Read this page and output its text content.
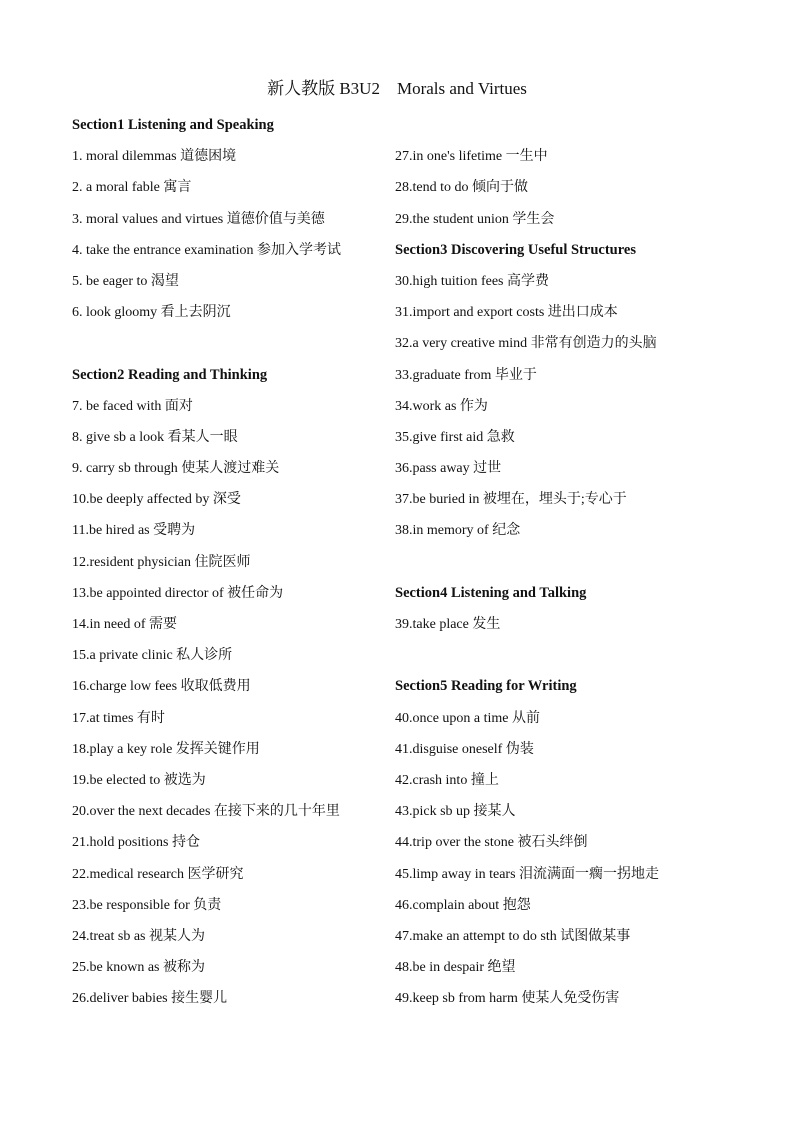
新人教版 B3U2    Morals and Virtues
Section1 Listening and Speaking
1. moral dilemmas 道德困境
2. a moral fable 寓言
3. moral values and virtues 道德价值与美德
4. take the entrance examination 参加入学考试
5. be eager to 渴望
6. look gloomy 看上去阴沉
Section2 Reading and Thinking
7. be faced with 面对
8. give sb a look 看某人一眼
9. carry sb through 使某人渡过难关
10.be deeply affected by 深受
11.be hired as 受聘为
12.resident physician 住院医师
13.be appointed director of 被任命为
14.in need of 需要
15.a private clinic 私人诊所
16.charge low fees 收取低费用
17.at times 有时
18.play a key role 发挥关键作用
19.be elected to 被选为
20.over the next decades 在接下来的几十年里
21.hold positions 持仓
22.medical research 医学研究
23.be responsible for 负责
24.treat sb as 视某人为
25.be known as 被称为
26.deliver babies 接生婴儿
27.in one's lifetime 一生中
28.tend to do 倾向于做
29.the student union 学生会
Section3 Discovering Useful Structures
30.high tuition fees 高学费
31.import and export costs 进出口成本
32.a very creative mind 非常有创造力的头脑
33.graduate from 毕业于
34.work as 作为
35.give first aid 急救
36.pass away 过世
37.be buried in 被埋在，埋头于;专心于
38.in memory of 纪念
Section4 Listening and Talking
39.take place 发生
Section5 Reading for Writing
40.once upon a time 从前
41.disguise oneself 伪装
42.crash into 撞上
43.pick sb up 接某人
44.trip over the stone 被石头绊倒
45.limp away in tears 泪流满面一瘸一拐地走
46.complain about 抱怨
47.make an attempt to do sth 试图做某事
48.be in despair 绝望
49.keep sb from harm 使某人免受伤害
